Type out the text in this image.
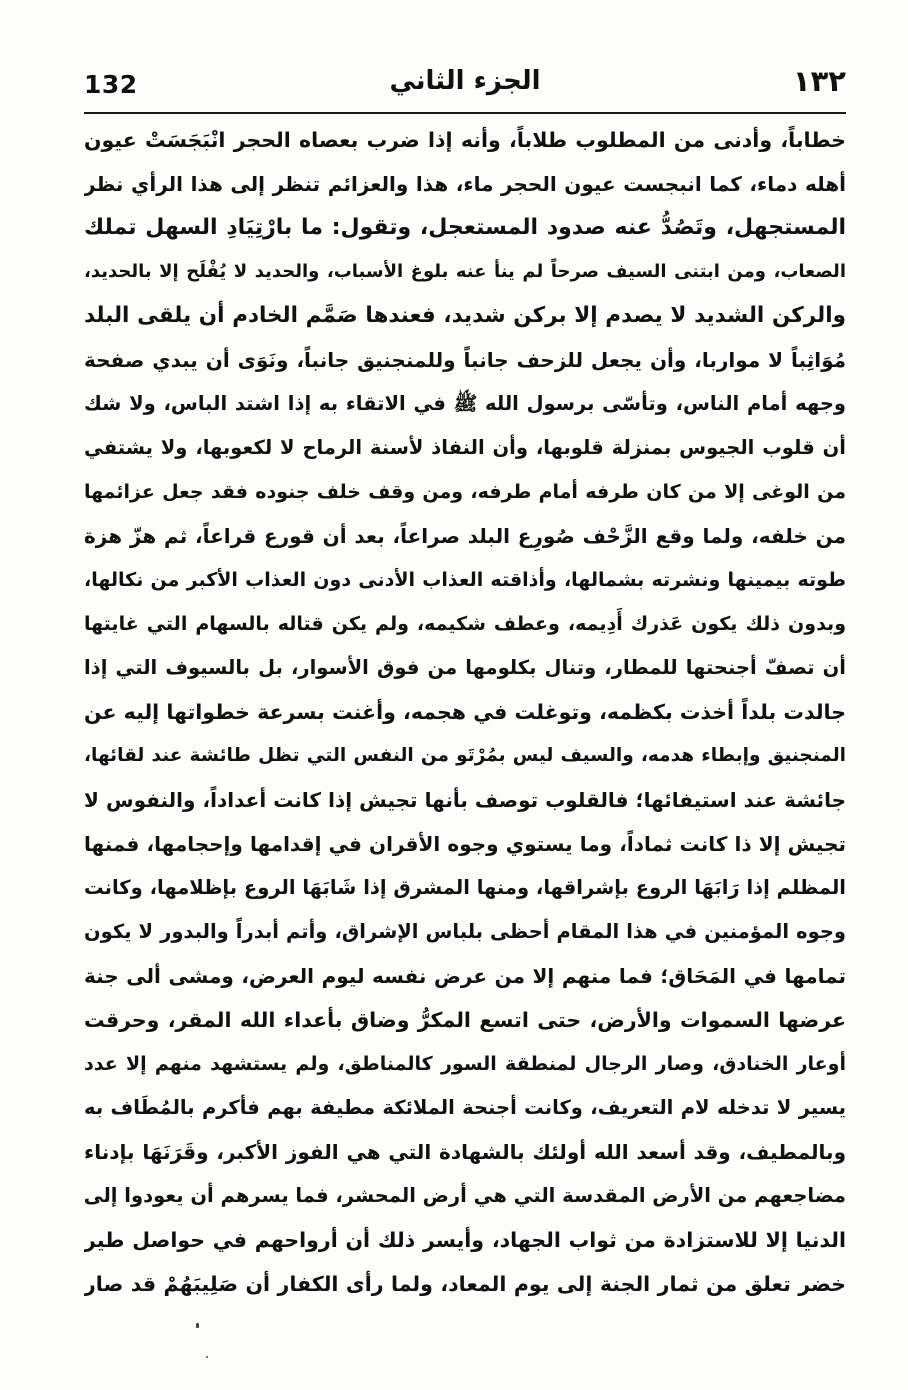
132	الجزء الثاني	١٣٢
خطاباً، وأدنى من المطلوب طلاباً، وأنه إذا ضرب بعصاه الحجر انْبَجَسَتْ عيون
أهله دماء، كما انبجست عيون الحجر ماء، هذا والعزائم تنظر إلى هذا الرأي نظر
المستجهل، وتَصُدُّ عنه صدود المستعجل، وتقول: ما بارْتِيَادِ السهل تملك
الصعاب، ومن ابتنى السيف صرحاً لم ينأ عنه بلوغ الأسباب، والحديد لا يُفْلَح إلا بالحديد،
والركن الشديد لا يصدم إلا بركن شديد، فعندها صَمَّم الخادم أن يلقى البلد
مُوَاثِباً لا مواربا، وأن يجعل للزحف جانباً وللمنجنيق جانباً، ونَوَى أن يبدي صفحة
وجهه أمام الناس، وتأسّى برسول الله ﷺ في الاتقاء به إذا اشتد الباس، ولا شك
أن قلوب الجيوس بمنزلة قلوبها، وأن النفاذ لأسنة الرماح لا لكعوبها، ولا يشتفي
من الوغى إلا من كان طرفه أمام طرفه، ومن وقف خلف جنوده فقد جعل عزائمها
من خلفه، ولما وقع الزَّحْف صُورِع البلد صراعاً، بعد أن قورع قراعاً، ثم هزّ هزة
طوته بيمينها ونشرته بشمالها، وأذاقته العذاب الأدنى دون العذاب الأكبر من نكالها،
وبدون ذلك يكون عَذرك أَدِيمه، وعطف شكيمه، ولم يكن قتاله بالسهام التي غايتها
أن تصفّ أجنحتها للمطار، وتنال بكلومها من فوق الأسوار، بل بالسيوف التي إذا
جالدت بلداً أخذت بكظمه، وتوغلت في هجمه، وأغنت بسرعة خطواتها إليه عن
المنجنيق وإبطاء هدمه، والسيف ليس بمُرْتَو من النفس التي تظل طائشة عند لقائها،
جائشة عند استيفائها؛ فالقلوب توصف بأنها تجيش إذا كانت أعداداً، والنفوس لا
تجيش إلا ذا كانت ثماداً، وما يستوي وجوه الأقران في إقدامها وإحجامها، فمنها
المظلم إذا رَابَهَا الروع بإشراقها، ومنها المشرق إذا شَابَهَا الروع بإظلامها، وكانت
وجوه المؤمنين في هذا المقام أحظى بلباس الإشراق، وأتم أبدراً والبدور لا يكون
تمامها في المَحَاق؛ فما منهم إلا من عرض نفسه ليوم العرض، ومشى ألى جنة
عرضها السموات والأرض، حتى اتسع المكرُّ وضاق بأعداء الله المقر، وحرقت
أوعار الخنادق، وصار الرجال لمنطقة السور كالمناطق، ولم يستشهد منهم إلا عدد
يسير لا تدخله لام التعريف، وكانت أجنحة الملائكة مطيفة بهم فأكرم بالمُطَاف به
وبالمطيف، وقد أسعد الله أولئك بالشهادة التي هي الفوز الأكبر، وقَرَنَهَا بإدناء
مضاجعهم من الأرض المقدسة التي هي أرض المحشر، فما يسرهم أن يعودوا إلى
الدنيا إلا للاستزادة من ثواب الجهاد، وأيسر ذلك أن أرواحهم في حواصل طير
خضر تعلق من ثمار الجنة إلى يوم المعاد، ولما رأى الكفار أن صَلِيبَهُمْ قد صار
